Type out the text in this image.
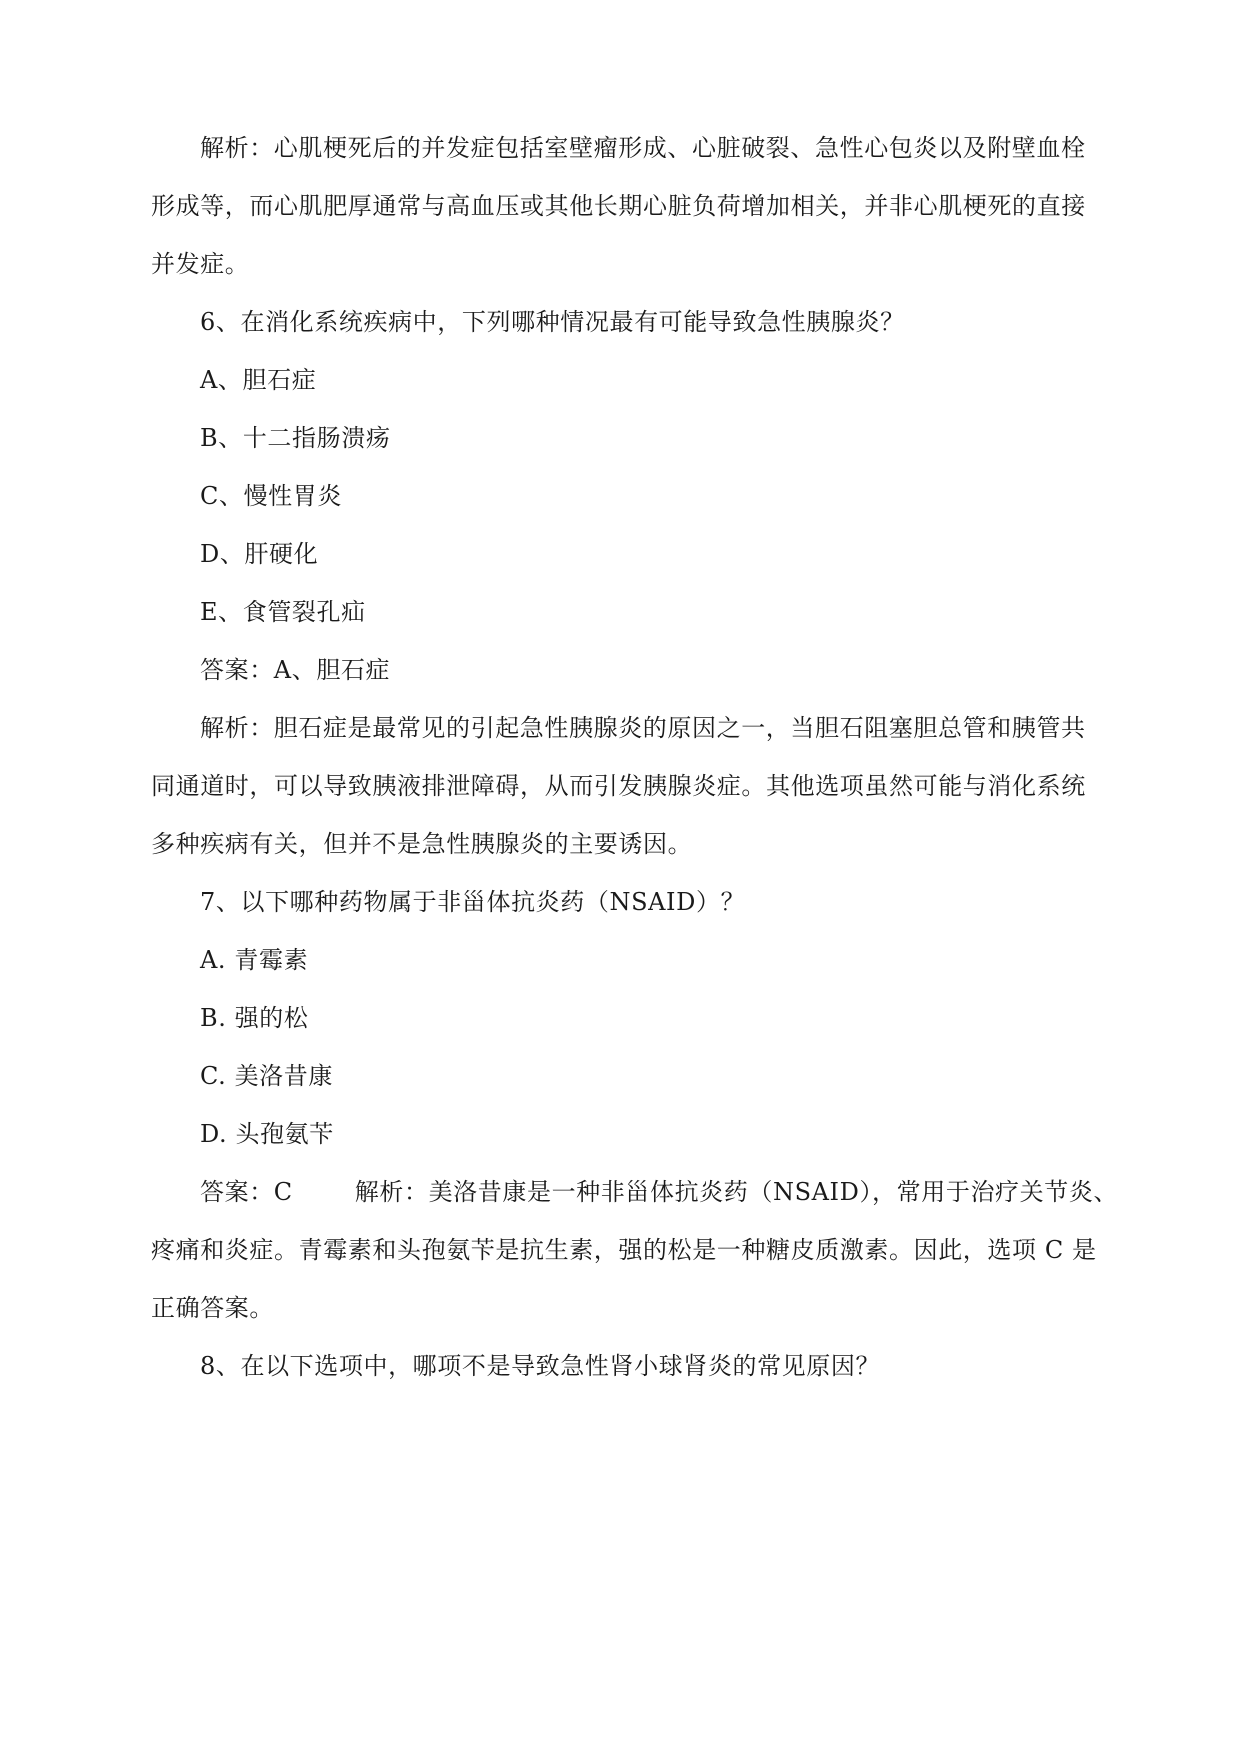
解析：心肌梗死后的并发症包括室壁瘤形成、心脏破裂、急性心包炎以及附壁血栓
形成等，而心肌肥厚通常与高血压或其他长期心脏负荷增加相关，并非心肌梗死的直接
并发症。
6、在消化系统疾病中，下列哪种情况最有可能导致急性胰腺炎？
A、胆石症
B、十二指肠溃疡
C、慢性胃炎
D、肝硬化
E、食管裂孔疝
答案：A、胆石症
解析：胆石症是最常见的引起急性胰腺炎的原因之一，当胆石阻塞胆总管和胰管共
同通道时，可以导致胰液排泄障碍，从而引发胰腺炎症。其他选项虽然可能与消化系统
多种疾病有关，但并不是急性胰腺炎的主要诱因。
7、以下哪种药物属于非甾体抗炎药（NSAID）？
A. 青霉素
B. 强的松
C. 美洛昔康
D. 头孢氨苄
答案：C	解析：美洛昔康是一种非甾体抗炎药（NSAID），常用于治疗关节炎、
疼痛和炎症。青霉素和头孢氨苄是抗生素，强的松是一种糖皮质激素。因此，选项 C 是
正确答案。
8、在以下选项中，哪项不是导致急性肾小球肾炎的常见原因？
